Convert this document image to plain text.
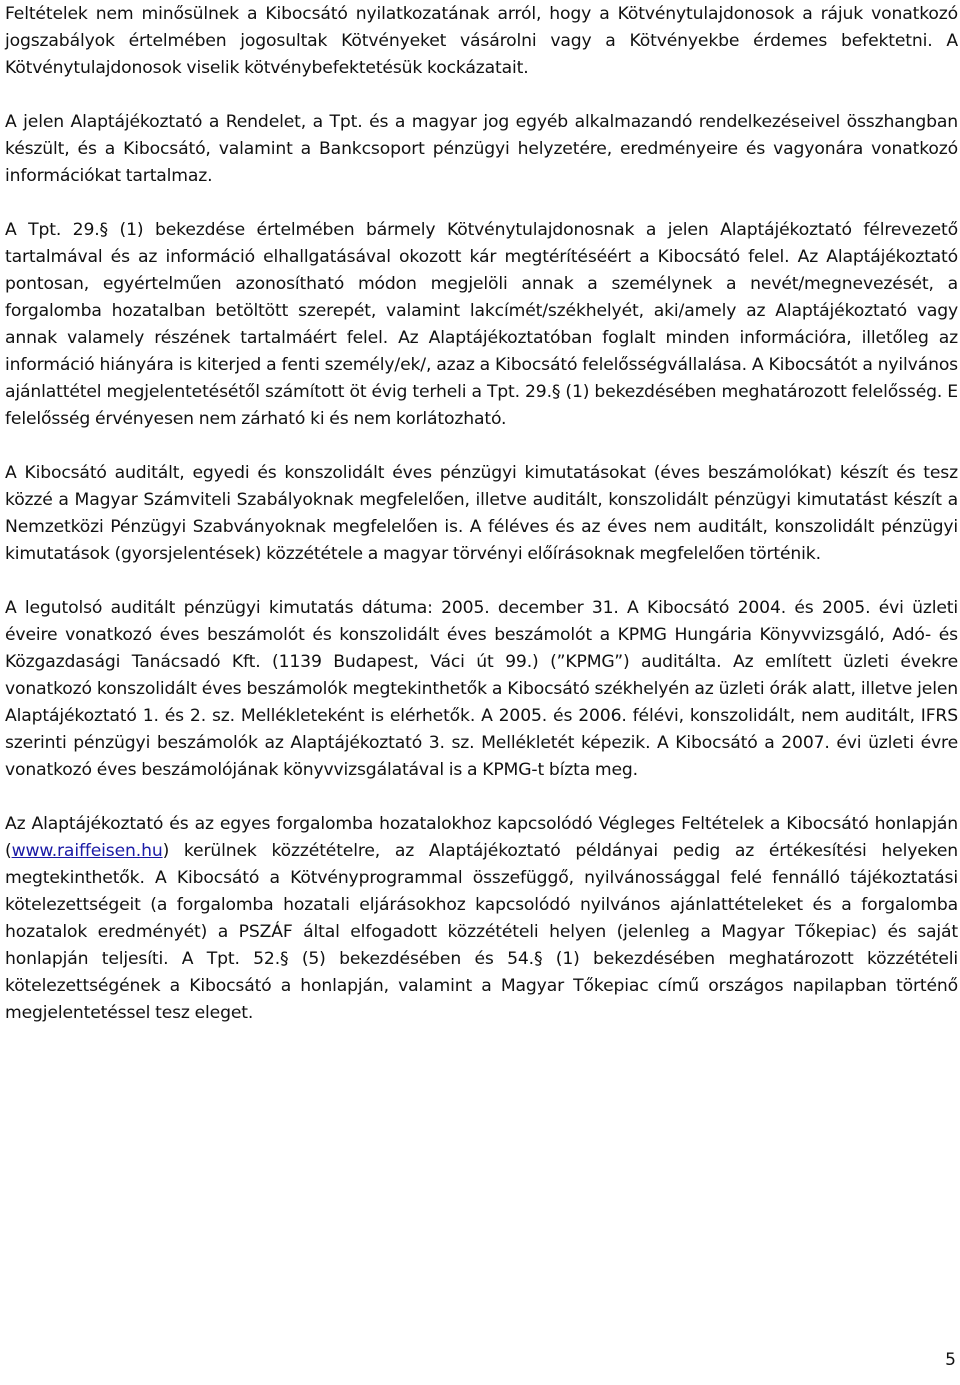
Feltételek nem minősülnek a Kibocsátó nyilatkozatának arról, hogy a Kötvénytulajdonosok a rájuk vonatkozó jogszabályok értelmében jogosultak Kötvényeket vásárolni vagy a Kötvényekbe érdemes befektetni. A Kötvénytulajdonosok viselik kötvénybefektetésük kockázatait.

A jelen Alaptájékoztató a Rendelet, a Tpt. és a magyar jog egyéb alkalmazandó rendelkezéseivel összhangban készült, és a Kibocsátó, valamint a Bankcsoport pénzügyi helyzetére, eredményeire és vagyonára vonatkozó információkat tartalmaz.

A Tpt. 29.§ (1) bekezdése értelmében bármely Kötvénytulajdonosnak a jelen Alaptájékoztató félrevezető tartalmával és az információ elhallgatásával okozott kár megtérítéséért a Kibocsátó felel. Az Alaptájékoztató pontosan, egyértelműen azonosítható módon megjelöli annak a személynek a nevét/megnevezését, a forgalomba hozatalban betöltött szerepét, valamint lakcímét/székhelyét, aki/amely az Alaptájékoztató vagy annak valamely részének tartalmáért felel. Az Alaptájékoztatóban foglalt minden információra, illetőleg az információ hiányára is kiterjed a fenti személy/ek/, azaz a Kibocsátó felelősségvállalása. A Kibocsátót a nyilvános ajánlattétel megjelentetésétől számított öt évig terheli a Tpt. 29.§ (1) bekezdésében meghatározott felelősség. E felelősség érvényesen nem zárható ki és nem korlátozható.

A Kibocsátó auditált, egyedi és konszolidált éves pénzügyi kimutatásokat (éves beszámolókat) készít és tesz közzé a Magyar Számviteli Szabályoknak megfelelően, illetve auditált, konszolidált pénzügyi kimutatást készít a Nemzetközi Pénzügyi Szabványoknak megfelelően is. A féléves és az éves nem auditált, konszolidált pénzügyi kimutatások (gyorsjelentések) közzététele a magyar törvényi előírásoknak megfelelően történik.

A legutolsó auditált pénzügyi kimutatás dátuma: 2005. december 31. A Kibocsátó 2004. és 2005. évi üzleti éveire vonatkozó éves beszámolót és konszolidált éves beszámolót a KPMG Hungária Könyvvizsgáló, Adó- és Közgazdasági Tanácsadó Kft. (1139 Budapest, Váci út 99.) (”KPMG”) auditálta. Az említett üzleti évekre vonatkozó konszolidált éves beszámolók megtekinthetők a Kibocsátó székhelyén az üzleti órák alatt, illetve jelen Alaptájékoztató 1. és 2. sz. Mellékleteként is elérhetők. A 2005. és 2006. félévi, konszolidált, nem auditált, IFRS szerinti pénzügyi beszámolók az Alaptájékoztató 3. sz. Mellékletét képezik. A Kibocsátó a 2007. évi üzleti évre vonatkozó éves beszámolójának könyvvizsgálatával is a KPMG-t bízta meg.

Az Alaptájékoztató és az egyes forgalomba hozatalokhoz kapcsolódó Végleges Feltételek a Kibocsátó honlapján (www.raiffeisen.hu) kerülnek közzétételre, az Alaptájékoztató példányai pedig az értékesítési helyeken megtekinthetők. A Kibocsátó a Kötvényprogrammal összefüggő, nyilvánossággal felé fennálló tájékoztatási kötelezettségeit (a forgalomba hozatali eljárásokhoz kapcsolódó nyilvános ajánlattételeket és a forgalomba hozatalok eredményét) a PSZÁF által elfogadott közzétételi helyen (jelenleg a Magyar Tőkepiac) és saját honlapján teljesíti. A Tpt. 52.§ (5) bekezdésében és 54.§ (1) bekezdésében meghatározott közzétételi kötelezettségének a Kibocsátó a honlapján, valamint a Magyar Tőkepiac című országos napilapban történő megjelentetéssel tesz eleget.

5
